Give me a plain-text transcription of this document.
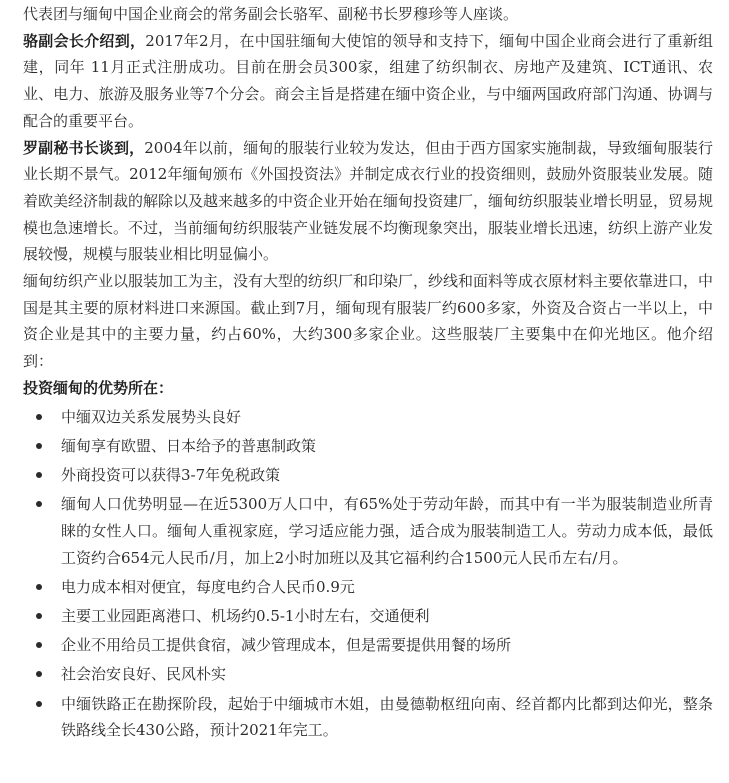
代表团与缅甸中国企业商会的常务副会长骆军、副秘书长罗穆珍等人座谈。

骆副会长介绍到，2017年2月，在中国驻缅甸大使馆的领导和支持下，缅甸中国企业商会进行了重新组建，同年 11月正式注册成功。目前在册会员300家，组建了纺织制衣、房地产及建筑、ICT通讯、农业、电力、旅游及服务业等7个分会。商会主旨是搭建在缅中资企业，与中缅两国政府部门沟通、协调与配合的重要平台。

罗副秘书长谈到，2004年以前，缅甸的服装行业较为发达，但由于西方国家实施制裁，导致缅甸服装行业长期不景气。2012年缅甸颁布《外国投资法》并制定成衣行业的投资细则，鼓励外资服装业发展。随着欧美经济制裁的解除以及越来越多的中资企业开始在缅甸投资建厂，缅甸纺织服装业增长明显，贸易规模也急速增长。不过，当前缅甸纺织服装产业链发展不均衡现象突出，服装业增长迅速，纺织上游产业发展较慢，规模与服装业相比明显偏小。

缅甸纺织产业以服装加工为主，没有大型的纺织厂和印染厂，纱线和面料等成衣原材料主要依靠进口，中国是其主要的原材料进口来源国。截止到7月，缅甸现有服装厂约600多家，外资及合资占一半以上，中资企业是其中的主要力量，约占60%，大约300多家企业。这些服装厂主要集中在仰光地区。他介绍到：

投资缅甸的优势所在：

中缅双边关系发展势头良好
缅甸享有欧盟、日本给予的普惠制政策
外商投资可以获得3-7年免税政策
缅甸人口优势明显—在近5300万人口中，有65%处于劳动年龄，而其中有一半为服装制造业所青睐的女性人口。缅甸人重视家庭，学习适应能力强，适合成为服装制造工人。劳动力成本低，最低工资约合654元人民币/月，加上2小时加班以及其它福利约合1500元人民币左右/月。
电力成本相对便宜，每度电约合人民币0.9元
主要工业园距离港口、机场约0.5-1小时左右，交通便利
企业不用给员工提供食宿，减少管理成本，但是需要提供用餐的场所
社会治安良好、民风朴实
中缅铁路正在勘探阶段，起始于中缅城市木姐，由曼德勒枢纽向南、经首都内比都到达仰光，整条铁路线全长430公路，预计2021年完工。
